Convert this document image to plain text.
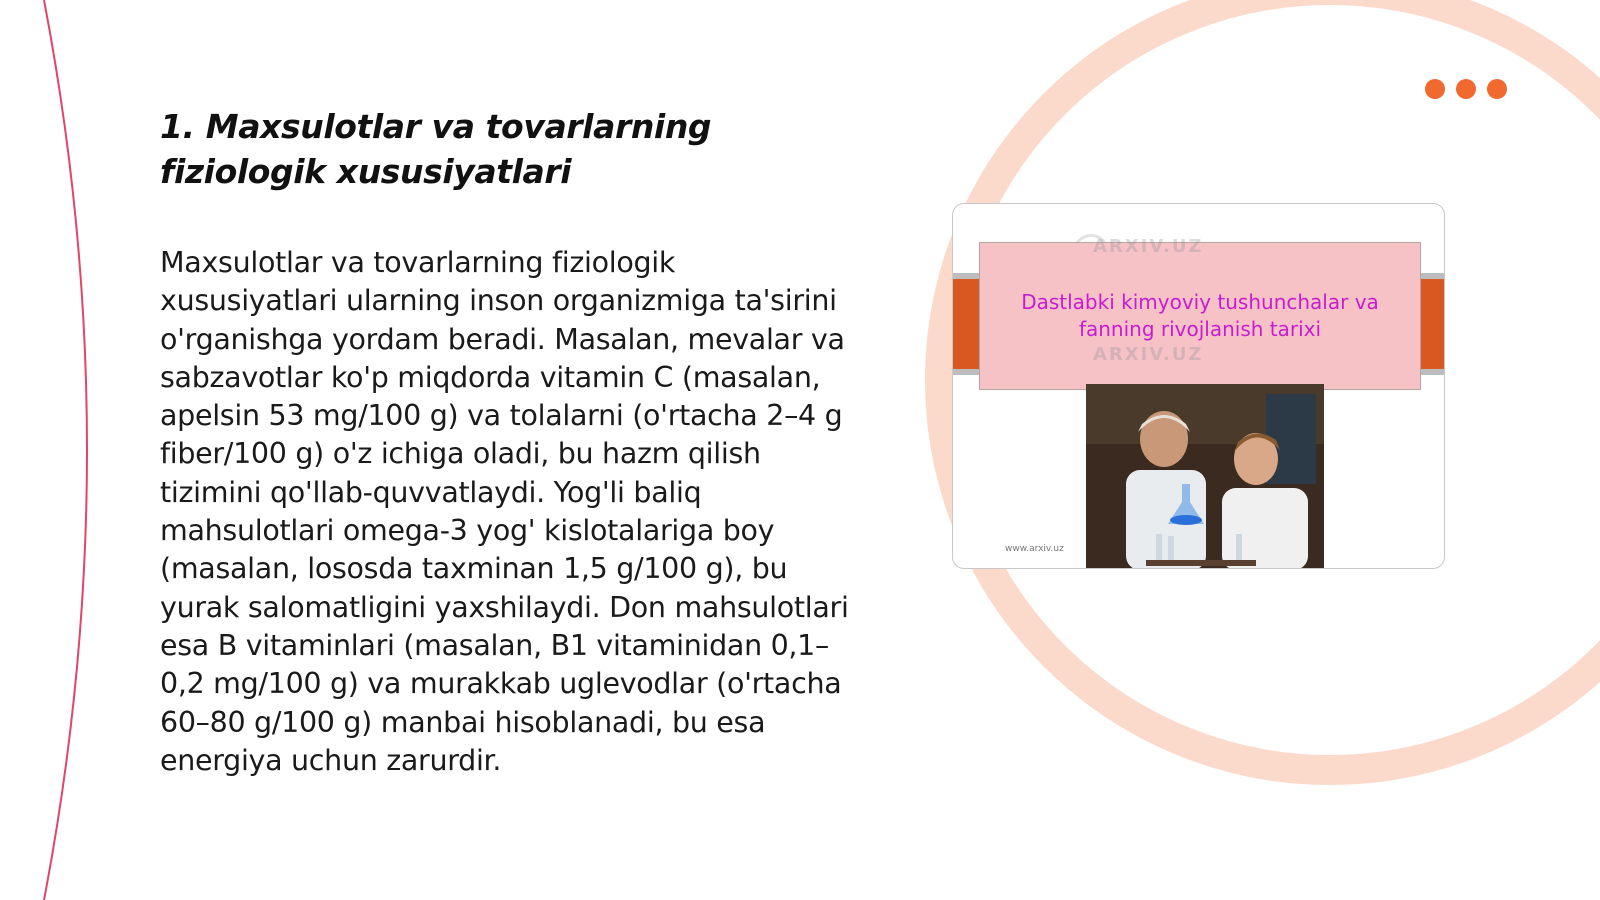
1. Maxsulotlar va tovarlarning fiziologik xususiyatlari

Maxsulotlar va tovarlarning fiziologik xususiyatlari ularning inson organizmiga ta'sirini o'rganishga yordam beradi. Masalan, mevalar va sabzavotlar ko'p miqdorda vitamin C (masalan, apelsin 53 mg/100 g) va tolalarni (o'rtacha 2–4 g fiber/100 g) o'z ichiga oladi, bu hazm qilish tizimini qo'llab-quvvatlaydi. Yog'li baliq mahsulotlari omega-3 yog' kislotalariga boy (masalan, lososda taxminan 1,5 g/100 g), bu yurak salomatligini yaxshilaydi. Don mahsulotlari esa B vitaminlari (masalan, B1 vitaminidan 0,1–0,2 mg/100 g) va murakkab uglevodlar (o'rtacha 60–80 g/100 g) manbai hisoblanadi, bu esa energiya uchun zarurdir.

Dastlabki kimyoviy tushunchalar va fanning rivojlanish tarixi
ARXIV.UZ
ARXIV.UZ
www.arxiv.uz
